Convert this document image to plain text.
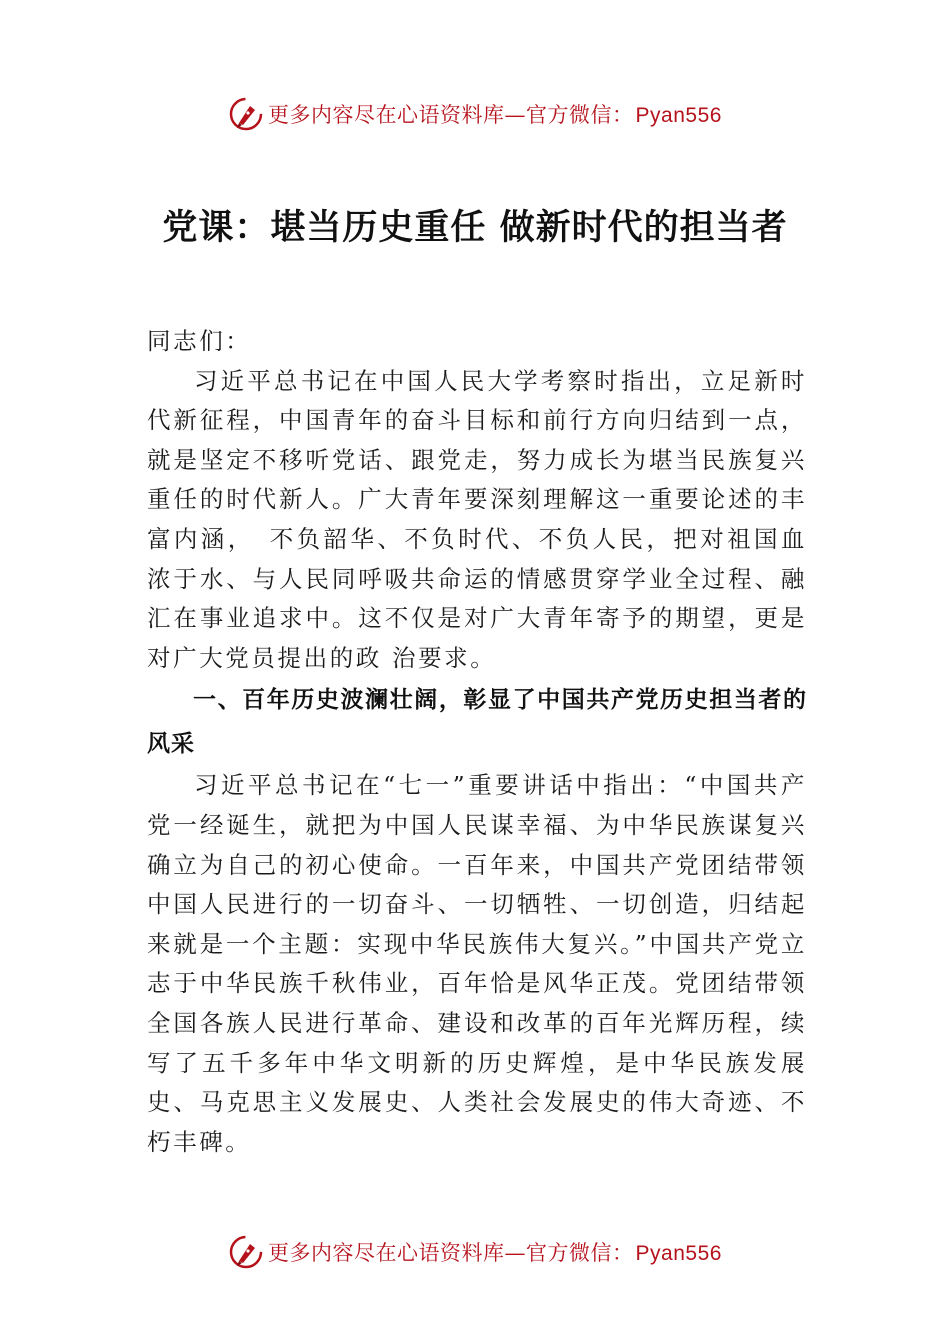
更多内容尽在心语资料库—官方微信：Pyan556
党课：堪当历史重任 做新时代的担当者

同志们：

习近平总书记在中国人民大学考察时指出，立足新时代新征程，中国青年的奋斗目标和前行方向归结到一点，就是坚定不移听党话、跟党走，努力成长为堪当民族复兴重任的时代新人。广大青年要深刻理解这一重要论述的丰富内涵，　不负韶华、不负时代、不负人民，把对祖国血浓于水、与人民同呼吸共命运的情感贯穿学业全过程、融汇在事业追求中。这不仅是对广大青年寄予的期望，更是对广大党员提出的政 治要求。

一、百年历史波澜壮阔，彰显了中国共产党历史担当者的风采

习近平总书记在“七一”重要讲话中指出：“中国共产党一经诞生，就把为中国人民谋幸福、为中华民族谋复兴确立为自己的初心使命。一百年来，中国共产党团结带领中国人民进行的一切奋斗、一切牺牲、一切创造，归结起来就是一个主题：实现中华民族伟大复兴。”中国共产党立志于中华民族千秋伟业，百年恰是风华正茂。党团结带领全国各族人民进行革命、建设和改革的百年光辉历程，续写了五千多年中华文明新的历史辉煌，是中华民族发展史、马克思主义发展史、人类社会发展史的伟大奇迹、不朽丰碑。

更多内容尽在心语资料库—官方微信：Pyan556
